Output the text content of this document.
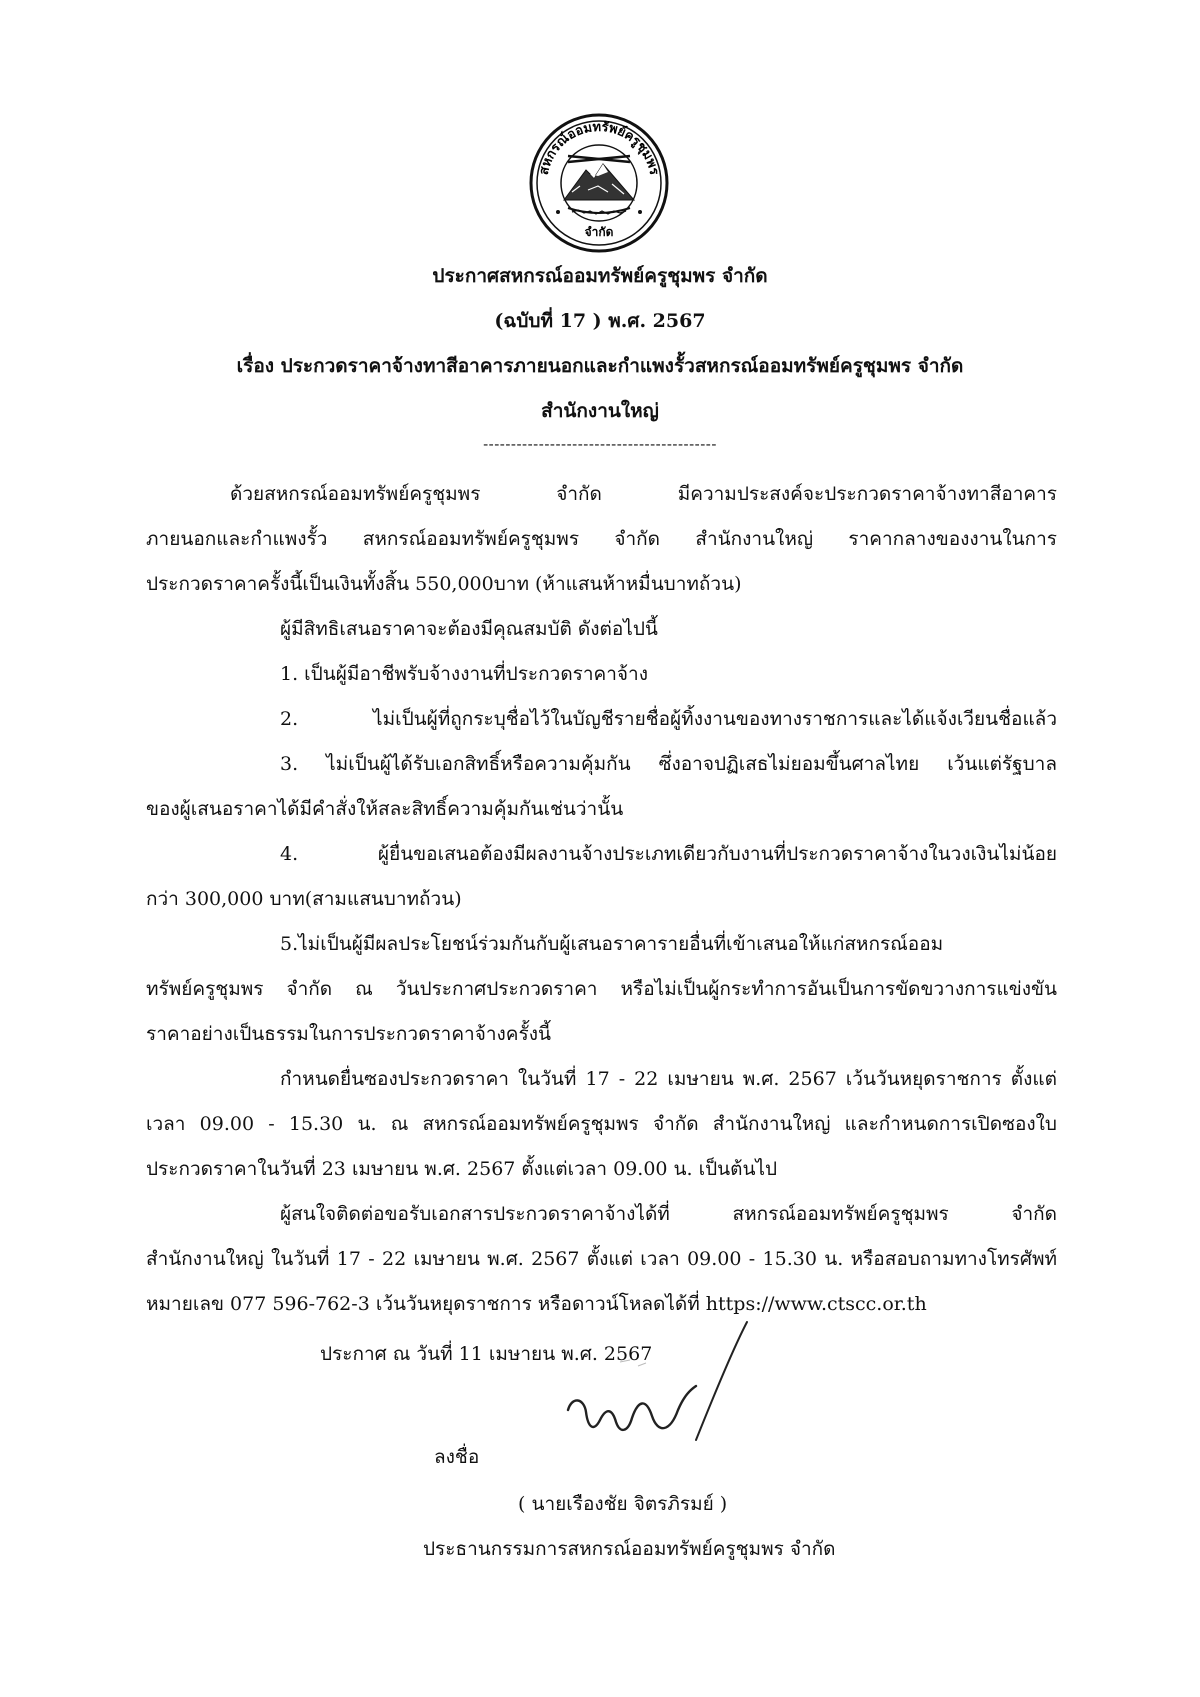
สหกรณ์ออมทรัพย์ครูชุมพร
จำกัด
ประกาศสหกรณ์ออมทรัพย์ครูชุมพร จำกัด
(ฉบับที่ 17 ) พ.ศ. 2567
เรื่อง ประกวดราคาจ้างทาสีอาคารภายนอกและกำแพงรั้วสหกรณ์ออมทรัพย์ครูชุมพร จำกัด
สำนักงานใหญ่
------------------------------------------
ด้วยสหกรณ์ออมทรัพย์ครูชุมพร จำกัด มีความประสงค์จะประกวดราคาจ้างทาสีอาคาร
ภายนอกและกำแพงรั้ว สหกรณ์ออมทรัพย์ครูชุมพร จำกัด สำนักงานใหญ่ ราคากลางของงานในการ
ประกวดราคาครั้งนี้เป็นเงินทั้งสิ้น 550,000บาท (ห้าแสนห้าหมื่นบาทถ้วน)
ผู้มีสิทธิเสนอราคาจะต้องมีคุณสมบัติ ดังต่อไปนี้
1. เป็นผู้มีอาชีพรับจ้างงานที่ประกวดราคาจ้าง
2. ไม่เป็นผู้ที่ถูกระบุชื่อไว้ในบัญชีรายชื่อผู้ทิ้งงานของทางราชการและได้แจ้งเวียนชื่อแล้ว
3. ไม่เป็นผู้ได้รับเอกสิทธิ์หรือความคุ้มกัน ซึ่งอาจปฏิเสธไม่ยอมขึ้นศาลไทย เว้นแต่รัฐบาล
ของผู้เสนอราคาได้มีคำสั่งให้สละสิทธิ์ความคุ้มกันเช่นว่านั้น
4. ผู้ยื่นขอเสนอต้องมีผลงานจ้างประเภทเดียวกับงานที่ประกวดราคาจ้างในวงเงินไม่น้อย
กว่า 300,000 บาท(สามแสนบาทถ้วน)
5.ไม่เป็นผู้มีผลประโยชน์ร่วมกันกับผู้เสนอราคารายอื่นที่เข้าเสนอให้แก่สหกรณ์ออม
ทรัพย์ครูชุมพร จำกัด ณ วันประกาศประกวดราคา หรือไม่เป็นผู้กระทำการอันเป็นการขัดขวางการแข่งขัน
ราคาอย่างเป็นธรรมในการประกวดราคาจ้างครั้งนี้
กำหนดยื่นซองประกวดราคา ในวันที่ 17 - 22 เมษายน พ.ศ. 2567 เว้นวันหยุดราชการ ตั้งแต่
เวลา 09.00 - 15.30 น. ณ สหกรณ์ออมทรัพย์ครูชุมพร จำกัด สำนักงานใหญ่ และกำหนดการเปิดซองใบ
ประกวดราคาในวันที่ 23 เมษายน พ.ศ. 2567 ตั้งแต่เวลา 09.00 น. เป็นต้นไป
ผู้สนใจติดต่อขอรับเอกสารประกวดราคาจ้างได้ที่ สหกรณ์ออมทรัพย์ครูชุมพร จำกัด
สำนักงานใหญ่ ในวันที่ 17 - 22 เมษายน พ.ศ. 2567 ตั้งแต่ เวลา 09.00 - 15.30 น. หรือสอบถามทางโทรศัพท์
หมายเลข 077 596-762-3 เว้นวันหยุดราชการ หรือดาวน์โหลดได้ที่ https://www.ctscc.or.th
ประกาศ ณ วันที่ 11 เมษายน พ.ศ. 2567
ลงชื่อ
( นายเรืองชัย จิตรภิรมย์ )
ประธานกรรมการสหกรณ์ออมทรัพย์ครูชุมพร จำกัด
